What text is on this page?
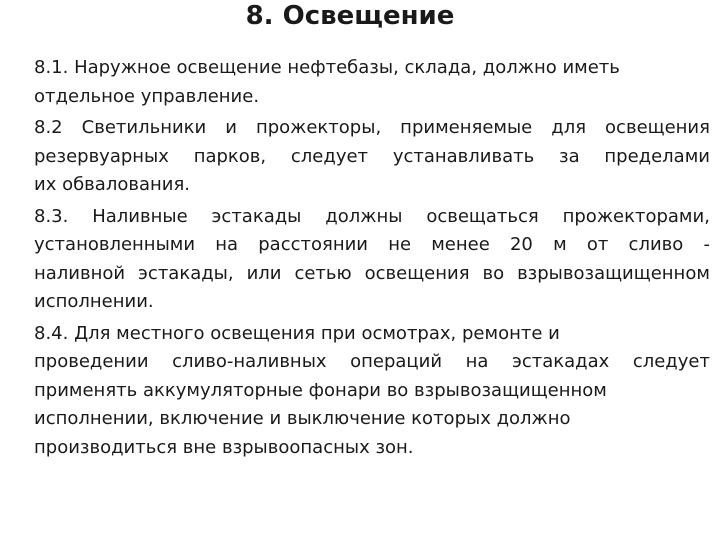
8. Освещение

8.1. Наружное освещение нефтебазы, склада, должно иметь
отдельное управление.

8.2 Светильники и прожекторы, применяемые для освещения
резервуарных парков, следует устанавливать за пределами
их обвалования.

8.3. Наливные эстакады должны освещаться прожекторами,
установленными на расстоянии не менее 20 м от сливо -
наливной эстакады, или сетью освещения во взрывозащищенном
исполнении.

8.4. Для местного освещения при осмотрах, ремонте и
проведении сливо-наливных операций на эстакадах следует
применять аккумуляторные фонари во взрывозащищенном
исполнении, включение и выключение которых должно
производиться вне взрывоопасных зон.
